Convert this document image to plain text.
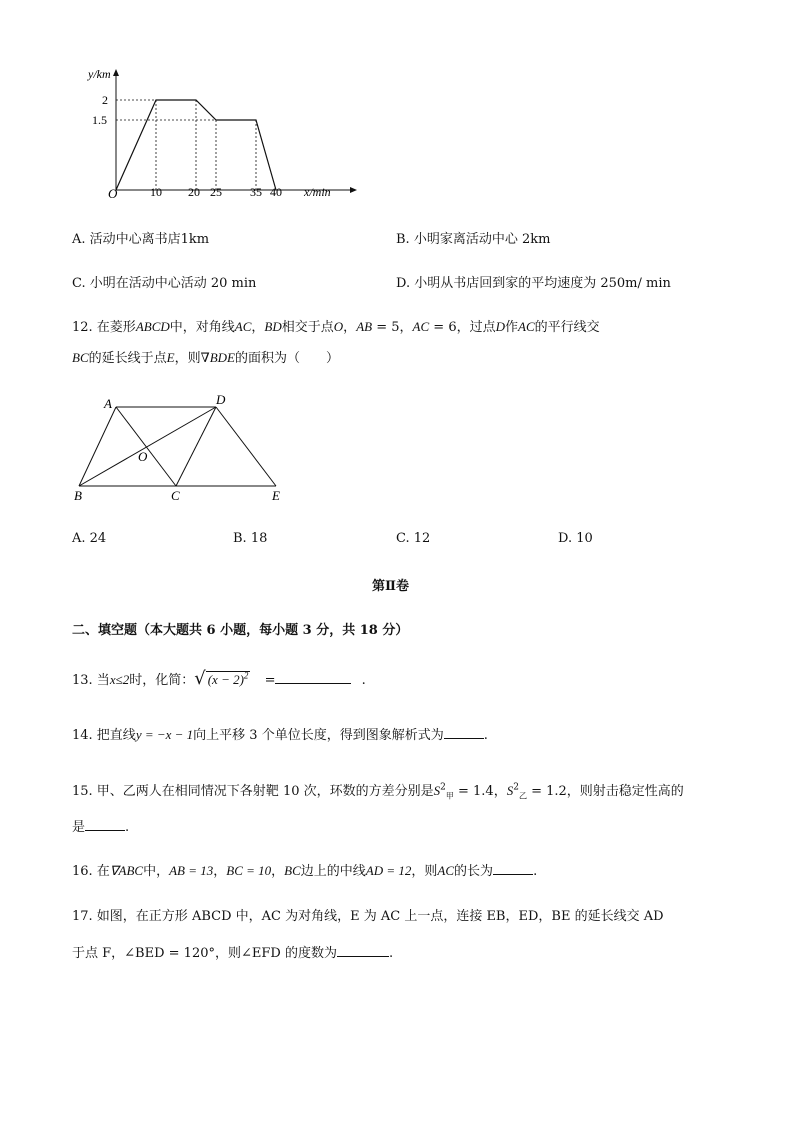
y/km
2
1.5
O	10 20 25 35 40 x/min
A. 活动中心离书店1km	B. 小明家离活动中心 2km
C. 小明在活动中心活动 20 min	D. 小明从书店回到家的平均速度为 250m/ min
12. 在菱形ABCD中，对角线AC，BD相交于点O，AB = 5，AC = 6，过点D作AC的平行线交
BC的延长线于点E，则∇BDE的面积为（　　）
A	D
O
B	C	E
A. 24	B. 18	C. 12	D. 10
第Ⅱ卷
二、填空题（本大题共 6 小题，每小题 3 分，共 18 分）
13. 当x≤2时，化简：√ $(x - 2)^2$ =	.
14. 把直线y = −x − 1向上平移 3 个单位长度，得到图象解析式为	.
15. 甲、乙两人在相同情况下各射靶 10 次，环数的方差分别是$S^2_甲 = 1.4$，$S^2_乙 = 1.2$，则射击稳定性高的
是	.
16. 在∇ABC中，AB = 13，BC = 10，BC边上的中线AD = 12，则AC的长为	.
17. 如图，在正方形 ABCD 中，AC 为对角线，E 为 AC 上一点，连接 EB，ED，BE 的延长线交 AD
于点 F，∠BED = 120°，则∠EFD 的度数为	.
